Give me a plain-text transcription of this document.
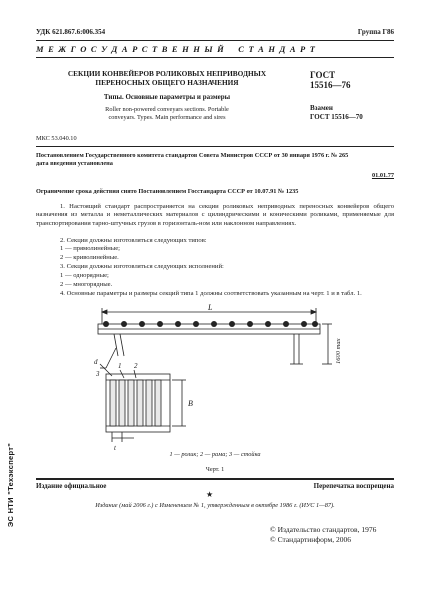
УДК 621.867.6:006.354	Группа Г86
М Е Ж Г О С У Д А Р С Т В Е Н Н Ы Й    С Т А Н Д А Р Т
СЕКЦИИ КОНВЕЙЕРОВ РОЛИКОВЫХ НЕПРИВОДНЫХ
ПЕРЕНОСНЫХ ОБЩЕГО НАЗНАЧЕНИЯ
Типы. Основные параметры и размеры
Roller non-powered conveyars sections. Portable
conveyars. Types. Main performance and sires
ГОСТ
15516—76
Взамен
ГОСТ 15516—70
МКС 53.040.10
Постановлением Государственного комитета стандартов Совета Министров СССР от 30 января 1976 г. № 265
дата введения установлена
01.01.77
Ограничение срока действия снято Постановлением Госстандарта СССР от 10.07.91 № 1235
1. Настоящий стандарт распространяется на секции роликовых неприводных переносных конвейеров общего назначения из металла и неметаллических материалов с цилиндрическими и коническими роликами, применяемые для транспортирования тарно-штучных грузов в горизонталь-ном или наклонном направлениях.
2. Секции должны изготовляться следующих типов:
1 — прямолинейные;
2 — криволинейные.
3. Секции должны изготовляться следующих исполнений:
1 — однорядные;
2 — многорядные.
4. Основные параметры и размеры секций типа 1 должны соответствовать указанным на черт. 1 и в табл. 1.
L
1600 max
3
d	1 2
B
t
1 — ролик; 2 — рама; 3 — стойка
Черт. 1
Издание официальное	Перепечатка воспрещена
★
Издание (май 2006 г.) с Изменением № 1, утвержденным в октябре 1986 г. (ИУС 1—87).
© Издательство стандартов, 1976
© Стандартинформ, 2006
ЭС НТИ "Техэксперт"
